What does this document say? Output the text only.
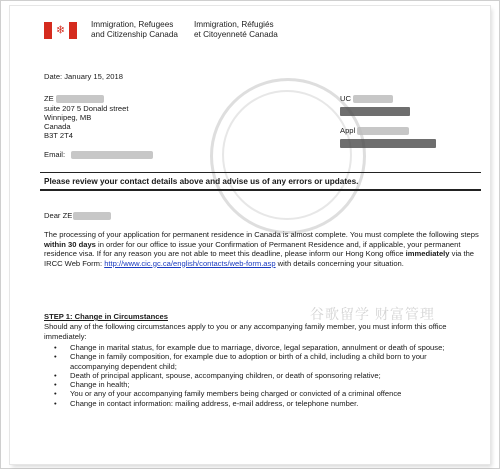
❄	Immigration, Refugees
and Citizenship Canada
Immigration, Réfugiés
et Citoyenneté Canada
Date: January 15, 2018
ZE
suite 207 5 Donald street
Winnipeg, MB
Canada
B3T 2T4
Email:
UC
Appl
Please review your contact details above and advise us of any errors or updates.
Dear ZE
The processing of your application for permanent residence in Canada is almost complete. You must complete the following steps within 30 days in order for our office to issue your Confirmation of Permanent Residence and, if applicable, your permanent residence visa. If for any reason you are not able to meet this deadline, please inform our Hong Kong office immediately via the IRCC Web Form: http://www.cic.gc.ca/english/contacts/web-form.asp with details concerning your situation.
STEP 1: Change in Circumstances
Should any of the following circumstances apply to you or any accompanying family member, you must inform this office immediately:
• Change in marital status, for example due to marriage, divorce, legal separation, annulment or death of spouse;
• Change in family composition, for example due to adoption or birth of a child, including a child born to your accompanying dependent child;
• Death of principal applicant, spouse, accompanying children, or death of sponsoring relative;
• Change in health;
• You or any of your accompanying family members being charged or convicted of a criminal offence
• Change in contact information: mailing address, e-mail address, or telephone number.
谷歌留学 财富管理
